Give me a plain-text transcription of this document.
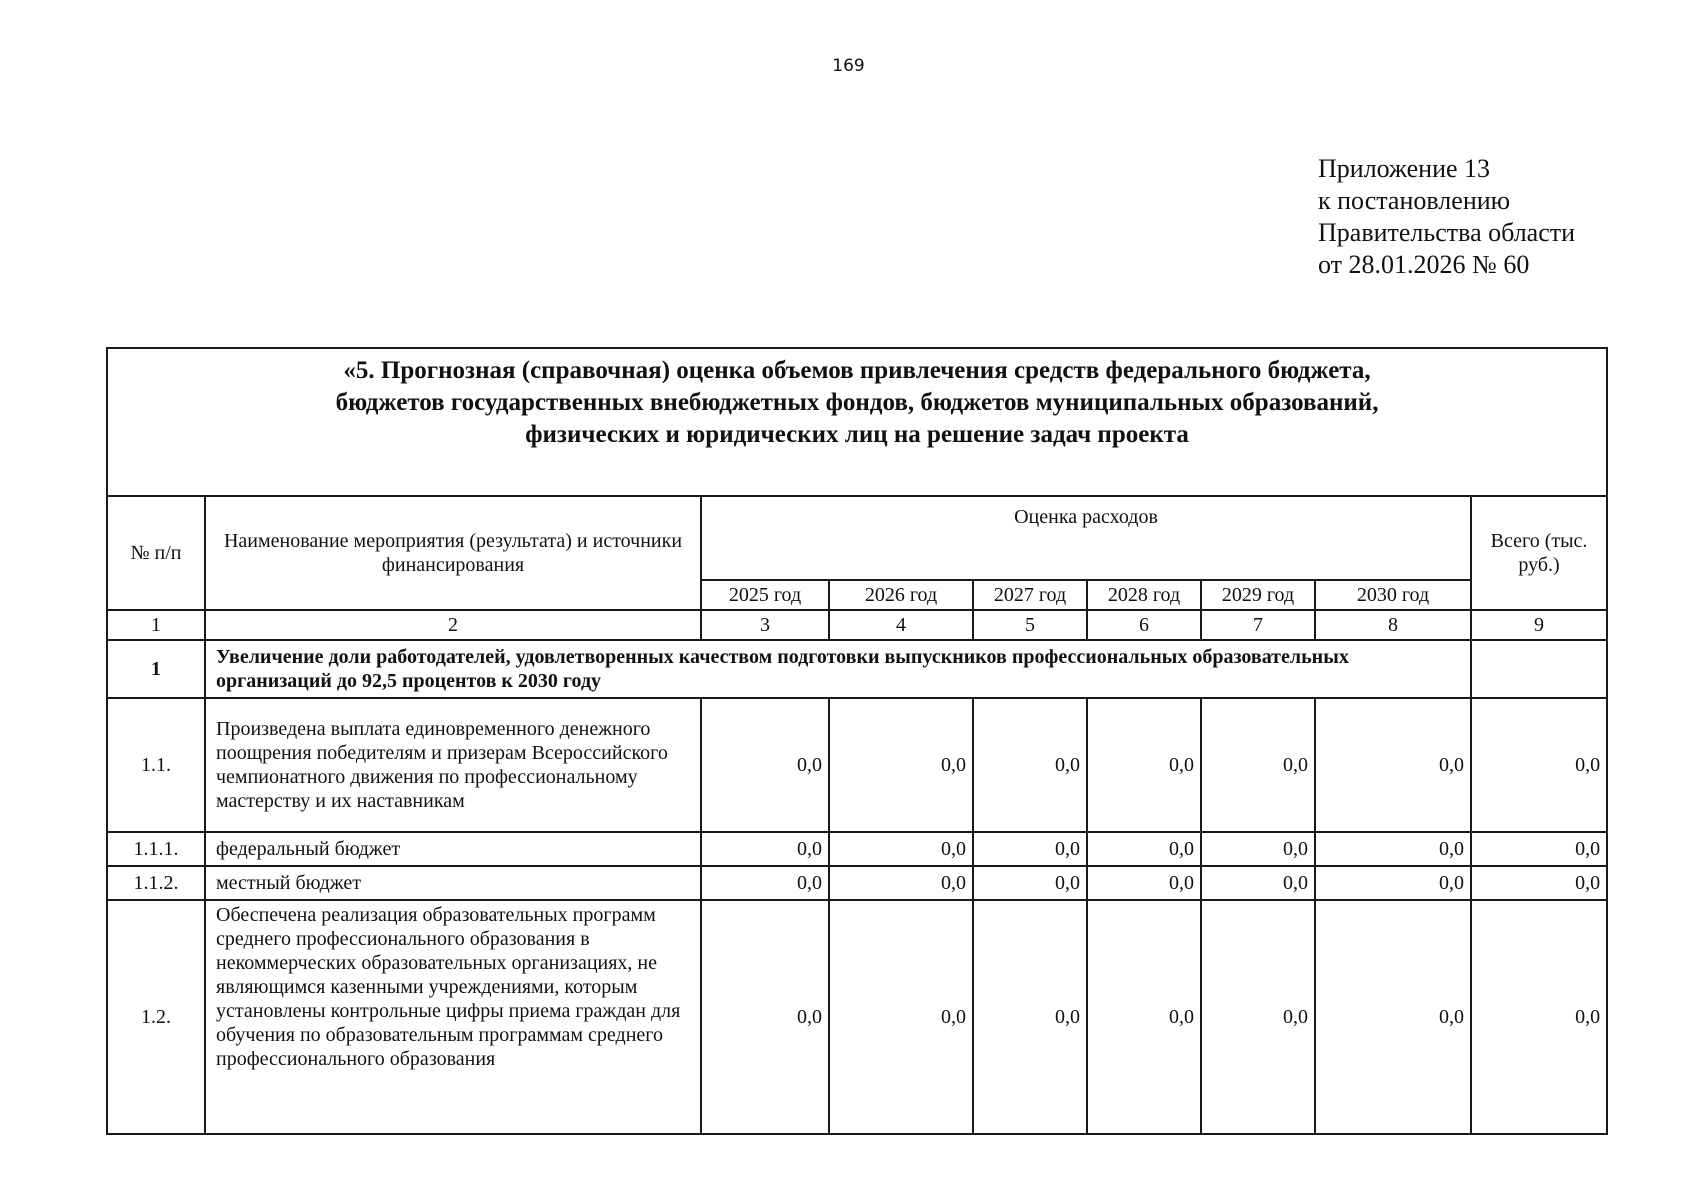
169
Приложение 13
к постановлению
Правительства области
от 28.01.2026 № 60
«5. Прогнозная (справочная) оценка объемов привлечения средств федерального бюджета,
бюджетов государственных внебюджетных фондов, бюджетов муниципальных образований,
физических и юридических лиц на решение задач проекта								

№ п/п	Наименование мероприятия (результата) и источники финансирования	Оценка расходов						Всего (тыс. руб.)
		2025 год	2026 год	2027 год	2028 год	2029 год	2030 год	
1	2	3	4	5	6	7	8	9
1	Увеличение доли работодателей, удовлетворенных качеством подготовки выпускников профессиональных образовательных организаций до 92,5 процентов к 2030 году							
1.1.	Произведена выплата единовременного денежного поощрения победителям и призерам Всероссийского чемпионатного движения по профессиональному мастерству и их наставникам	0,0	0,0	0,0	0,0	0,0	0,0	0,0
1.1.1.	федеральный бюджет	0,0	0,0	0,0	0,0	0,0	0,0	0,0
1.1.2.	местный бюджет	0,0	0,0	0,0	0,0	0,0	0,0	0,0
1.2.	Обеспечена реализация образовательных программ среднего профессионального образования в некоммерческих образовательных организациях, не являющимся казенными учреждениями, которым установлены контрольные цифры приема граждан для обучения по образовательным программам среднего профессионального образования	0,0	0,0	0,0	0,0	0,0	0,0	0,0
